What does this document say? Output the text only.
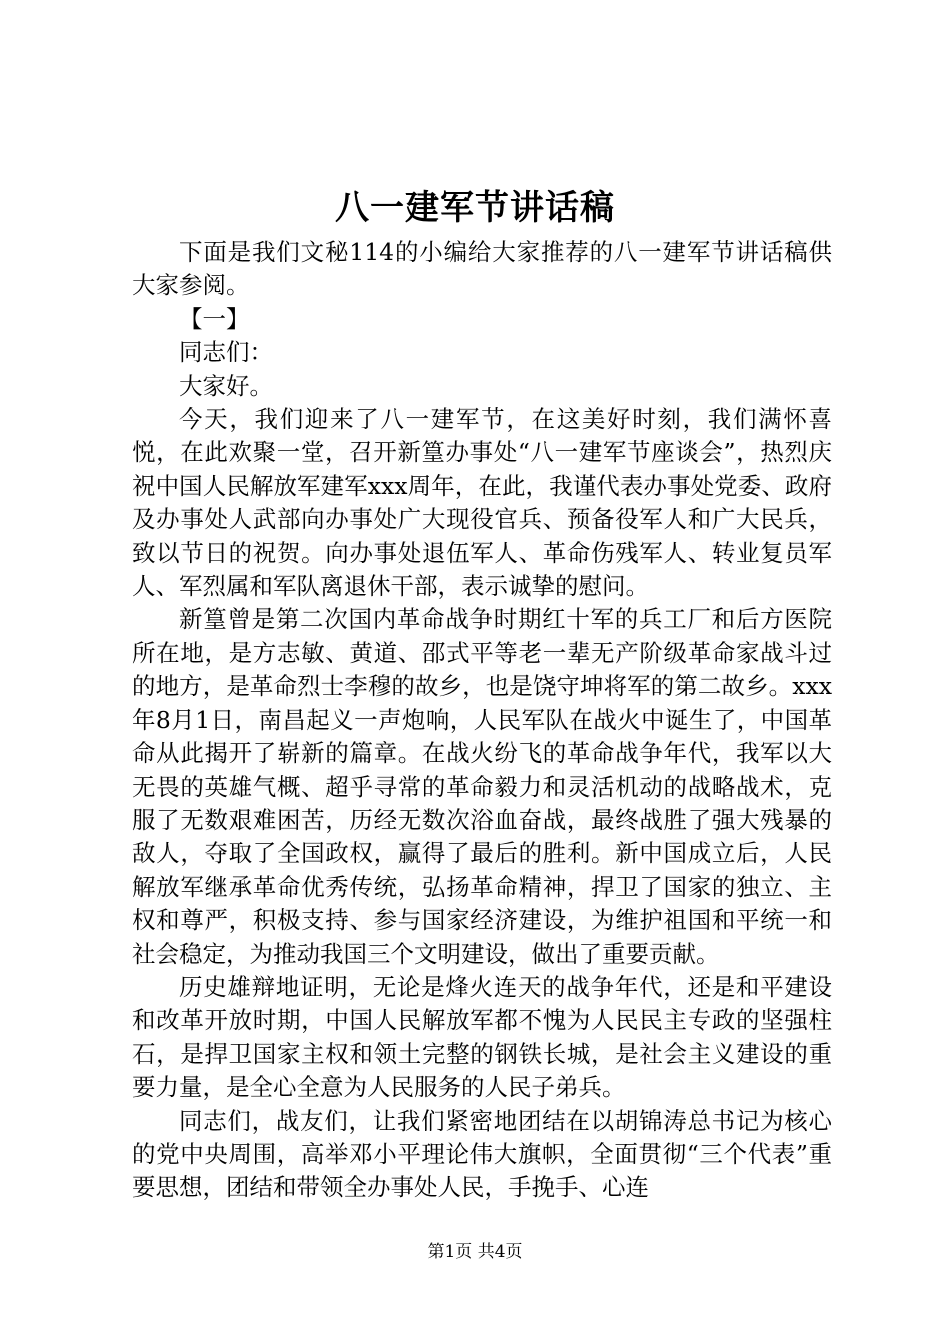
八一建军节讲话稿

下面是我们文秘114的小编给大家推荐的八一建军节讲话稿供大家参阅。

【一】

同志们：

大家好。

今天，我们迎来了八一建军节，在这美好时刻，我们满怀喜悦，在此欢聚一堂，召开新篁办事处“八一建军节座谈会”，热烈庆祝中国人民解放军建军xxx周年，在此，我谨代表办事处党委、政府及办事处人武部向办事处广大现役官兵、预备役军人和广大民兵，致以节日的祝贺。向办事处退伍军人、革命伤残军人、转业复员军人、军烈属和军队离退休干部，表示诚挚的慰问。

新篁曾是第二次国内革命战争时期红十军的兵工厂和后方医院所在地，是方志敏、黄道、邵式平等老一辈无产阶级革命家战斗过的地方，是革命烈士李穆的故乡，也是饶守坤将军的第二故乡。xxx年8月1日，南昌起义一声炮响，人民军队在战火中诞生了，中国革命从此揭开了崭新的篇章。在战火纷飞的革命战争年代，我军以大无畏的英雄气概、超乎寻常的革命毅力和灵活机动的战略战术，克服了无数艰难困苦，历经无数次浴血奋战，最终战胜了强大残暴的敌人，夺取了全国政权，赢得了最后的胜利。新中国成立后，人民解放军继承革命优秀传统，弘扬革命精神，捍卫了国家的独立、主权和尊严，积极支持、参与国家经济建设，为维护祖国和平统一和社会稳定，为推动我国三个文明建设，做出了重要贡献。

历史雄辩地证明，无论是烽火连天的战争年代，还是和平建设和改革开放时期，中国人民解放军都不愧为人民民主专政的坚强柱石，是捍卫国家主权和领土完整的钢铁长城，是社会主义建设的重要力量，是全心全意为人民服务的人民子弟兵。

同志们，战友们，让我们紧密地团结在以胡锦涛总书记为核心的党中央周围，高举邓小平理论伟大旗帜，全面贯彻“三个代表”重要思想，团结和带领全办事处人民，手挽手、心连

第1页 共4页
